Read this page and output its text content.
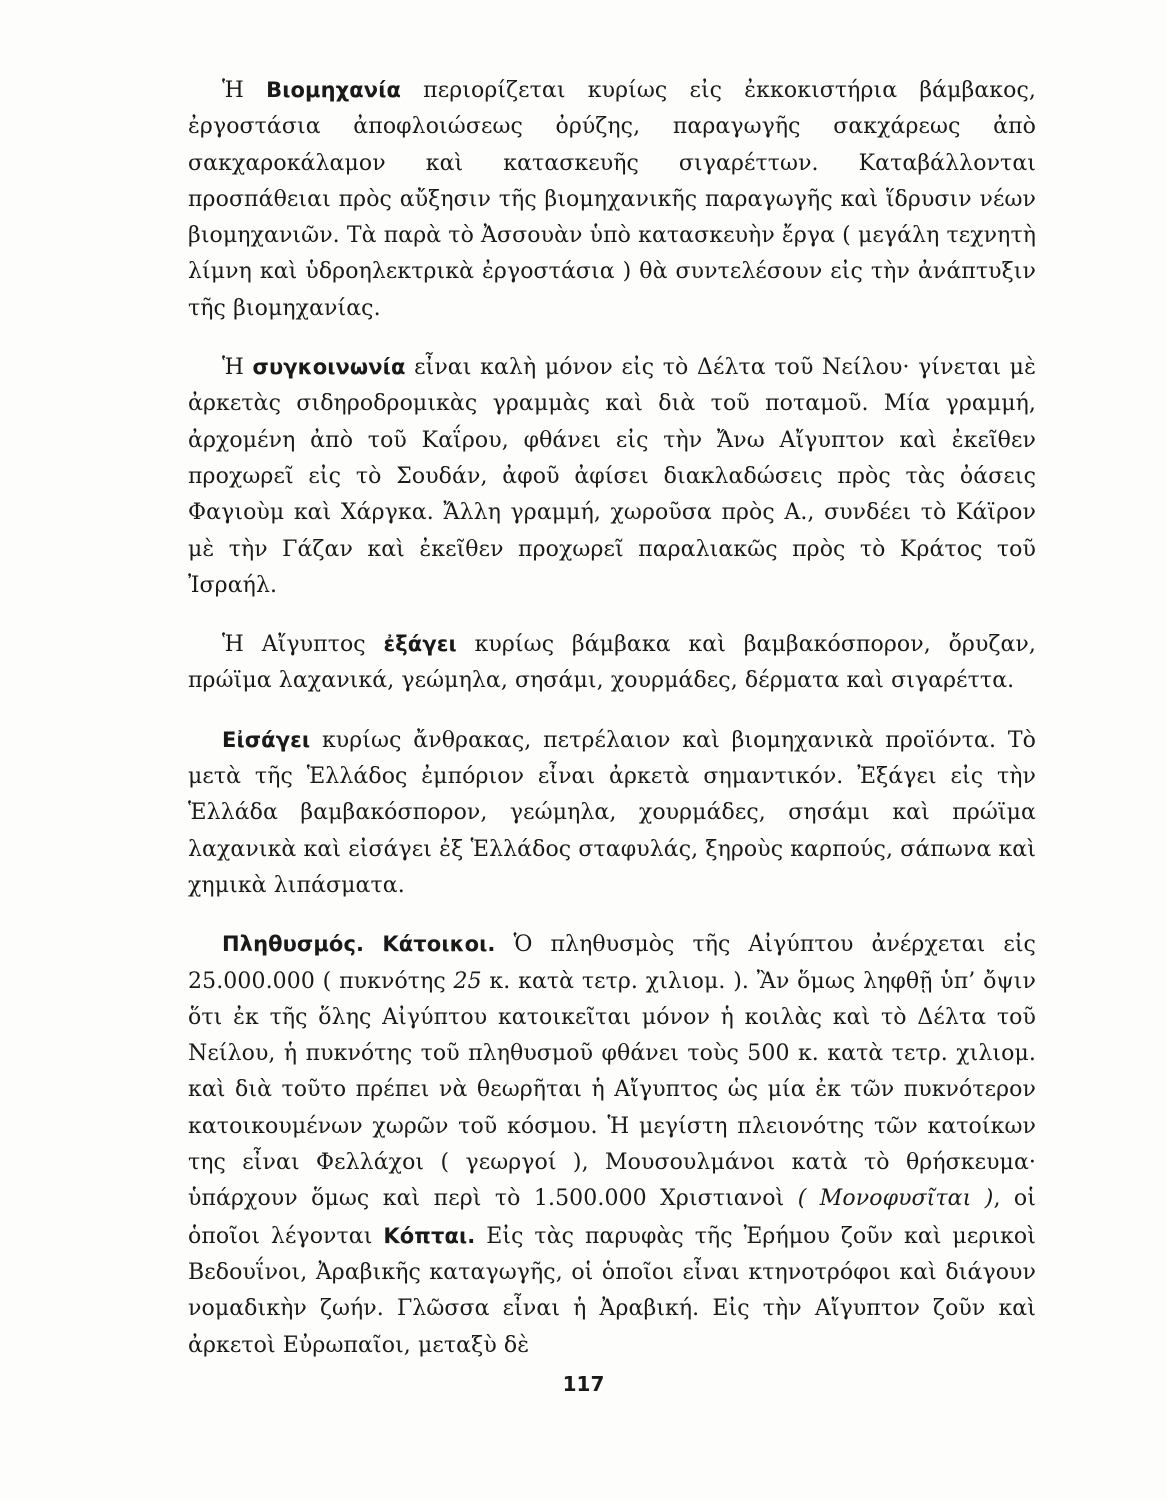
Ἡ Βιομηχανία περιορίζεται κυρίως εἰς ἐκκοκιστήρια βάμβακος, ἐργοστάσια ἀποφλοιώσεως ὀρύζης, παραγωγῆς σακχάρεως ἀπὸ σακχαροκάλαμον καὶ κατασκευῆς σιγαρέττων. Καταβάλλονται προσπάθειαι πρὸς αὔξησιν τῆς βιομηχανικῆς παραγωγῆς καὶ ἵδρυσιν νέων βιομηχανιῶν. Τὰ παρὰ τὸ Ἀσσουὰν ὑπὸ κατασκευὴν ἔργα ( μεγάλη τεχνητὴ λίμνη καὶ ὑδροηλεκτρικὰ ἐργοστάσια ) θὰ συντελέσουν εἰς τὴν ἀνάπτυξιν τῆς βιομηχανίας.

Ἡ συγκοινωνία εἶναι καλὴ μόνον εἰς τὸ Δέλτα τοῦ Νείλου· γίνεται μὲ ἀρκετὰς σιδηροδρομικὰς γραμμὰς καὶ διὰ τοῦ ποταμοῦ. Μία γραμμή, ἀρχομένη ἀπὸ τοῦ Καΐρου, φθάνει εἰς τὴν Ἄνω Αἴγυπτον καὶ ἐκεῖθεν προχωρεῖ εἰς τὸ Σουδάν, ἀφοῦ ἀφίσει διακλαδώσεις πρὸς τὰς ὀάσεις Φαγιοὺμ καὶ Χάργκα. Ἄλλη γραμμή, χωροῦσα πρὸς Α., συνδέει τὸ Κάϊρον μὲ τὴν Γάζαν καὶ ἐκεῖθεν προχωρεῖ παραλιακῶς πρὸς τὸ Κράτος τοῦ Ἰσραήλ.

Ἡ Αἴγυπτος ἐξάγει κυρίως βάμβακα καὶ βαμβακόσπορον, ὄρυζαν, πρώϊμα λαχανικά, γεώμηλα, σησάμι, χουρμάδες, δέρματα καὶ σιγαρέττα.

Εἰσάγει κυρίως ἄνθρακας, πετρέλαιον καὶ βιομηχανικὰ προϊόντα. Τὸ μετὰ τῆς Ἑλλάδος ἐμπόριον εἶναι ἀρκετὰ σημαντικόν. Ἐξάγει εἰς τὴν Ἑλλάδα βαμβακόσπορον, γεώμηλα, χουρμάδες, σησάμι καὶ πρώϊμα λαχανικὰ καὶ εἰσάγει ἐξ Ἑλλάδος σταφυλάς, ξηροὺς καρπούς, σάπωνα καὶ χημικὰ λιπάσματα.

Πληθυσμός. Κάτοικοι. Ὁ πληθυσμὸς τῆς Αἰγύπτου ἀνέρχεται εἰς 25.000.000 ( πυκνότης 25 κ. κατὰ τετρ. χιλιομ. ). Ἂν ὅμως ληφθῇ ὑπ’ ὄψιν ὅτι ἐκ τῆς ὅλης Αἰγύπτου κατοικεῖται μόνον ἡ κοιλὰς καὶ τὸ Δέλτα τοῦ Νείλου, ἡ πυκνότης τοῦ πληθυσμοῦ φθάνει τοὺς 500 κ. κατὰ τετρ. χιλιομ. καὶ διὰ τοῦτο πρέπει νὰ θεωρῆται ἡ Αἴγυπτος ὡς μία ἐκ τῶν πυκνότερον κατοικουμένων χωρῶν τοῦ κόσμου. Ἡ μεγίστη πλειονότης τῶν κατοίκων της εἶναι Φελλάχοι ( γεωργοί ), Μουσουλμάνοι κατὰ τὸ θρήσκευμα· ὑπάρχουν ὅμως καὶ περὶ τὸ 1.500.000 Χριστιανοὶ ( Μονοφυσῖται ), οἱ ὁποῖοι λέγονται Κόπται. Εἰς τὰς παρυφὰς τῆς Ἐρήμου ζοῦν καὶ μερικοὶ Βεδουΐνοι, Ἀραβικῆς καταγωγῆς, οἱ ὁποῖοι εἶναι κτηνοτρόφοι καὶ διάγουν νομαδικὴν ζωήν. Γλῶσσα εἶναι ἡ Ἀραβική. Εἰς τὴν Αἴγυπτον ζοῦν καὶ ἀρκετοὶ Εὐρωπαῖοι, μεταξὺ δὲ

117
